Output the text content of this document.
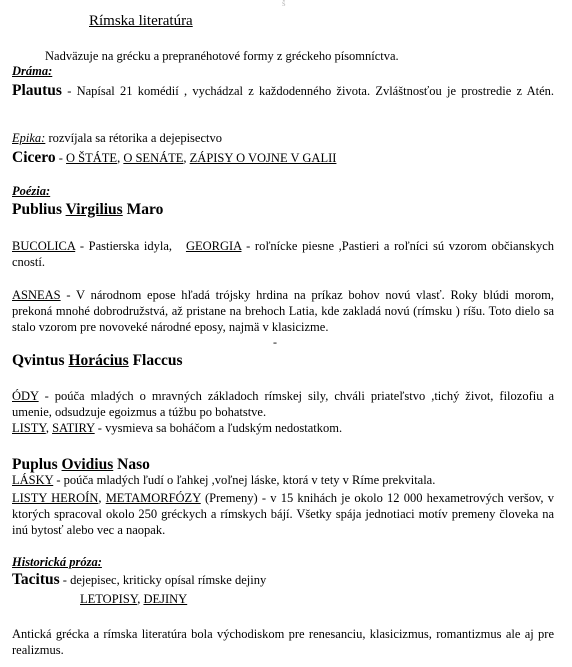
š

Rímska literatúra

Nadväzuje na grécku a prepranéhotové formy z gréckeho písomníctva.

Dráma:

Plautus - Napísal 21 komédií , vychádzal z každodenného života. Zvláštnosťou je prostredie z Atén.

Epika: rozvíjala sa rétorika a dejepisectvo

Cicero - O ŠTÁTE, O SENÁTE, ZÁPISY O VOJNE V GALII

Poézia:

Publius Virgilius Maro

BUCOLICA - Pastierska idyla,   GEORGIA - roľnícke piesne ,Pastieri a roľníci sú vzorom občianskych cností.

ASNEAS - V národnom epose hľadá trójsky hrdina na príkaz bohov novú vlasť. Roky blúdi morom, prekoná mnohé dobrodružstvá, až pristane na brehoch Latia, kde zakladá novú (rímsku ) ríšu. Toto dielo sa stalo vzorom pre novoveké národné eposy, najmä v klasicizme.

-

Qvintus Horácius Flaccus

ÓDY - poúča mladých o mravných základoch rímskej sily, chváli priateľstvo ,tichý život, filozofiu a umenie, odsudzuje egoizmus a túžbu po bohatstve.

LISTY, SATIRY - vysmieva sa boháčom a ľudským nedostatkom.

Puplus Ovidius Naso

LÁSKY - poúča mladých ľudí o ľahkej ,voľnej láske, ktorá v tety v Ríme prekvitala.

LISTY HEROÍN, METAMORFÓZY (Premeny) - v 15 knihách je okolo 12 000 hexametrových veršov, v ktorých spracoval okolo 250 gréckych a rímskych bájí. Všetky spája jednotiaci motív premeny človeka na inú bytosť alebo vec a naopak.

Historická próza:

Tacitus - dejepisec, kriticky opísal rímske dejiny

LETOPISY, DEJINY

Antická grécka a rímska literatúra bola východiskom pre renesanciu, klasicizmus, romantizmus ale aj pre realizmus.
